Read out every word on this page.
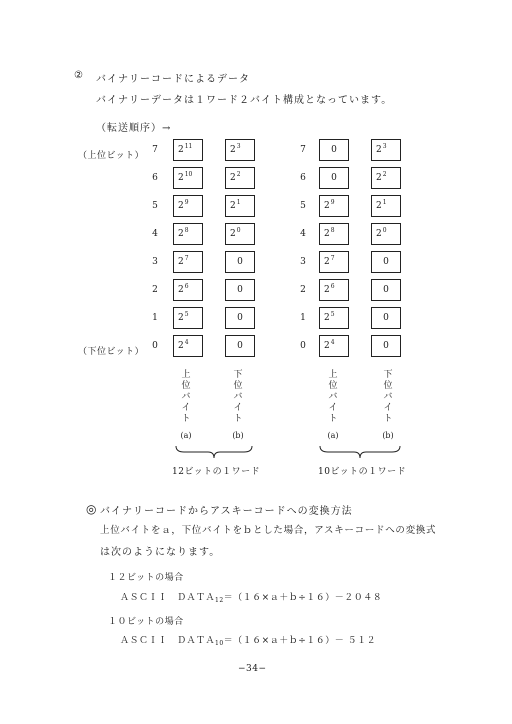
② バイナリーコードによるデータ
バイナリーデータは１ワード２バイト構成となっています。
（転送順序）→
（上位ビット）
（下位ビット）
7 $2^{11}$	$2^3$
6 $2^{10}$	$2^2$
5 $2^9$	$2^1$
4 $2^8$	$2^0$
3 $2^7$	0
2 $2^6$	0
1 $2^5$	0
0 $2^4$	0
7	0	$2^3$
6	0	$2^2$
5 $2^9$	$2^1$
4 $2^8$	$2^0$
3 $2^7$	0
2 $2^6$	0
1 $2^5$	0
0 $2^4$	0
上
位
バ
イ
ト
(a)
下
位
バ
イ
ト
(b)
上
位
バ
イ
ト
(a)
下
位
バ
イ
ト
(b)
12ビットの１ワード	10ビットの１ワード
◎ バイナリーコードからアスキーコードへの変換方法
上位バイトをａ，下位バイトをｂとした場合，アスキーコードへの変換式
は次のようになります。
１２ビットの場合
ＡＳＣＩＩ　ＤＡＴＡ$_{12}$＝（１６×ａ＋ｂ÷１６）－２０４８
１０ビットの場合
ＡＳＣＩＩ　ＤＡＴＡ$_{10}$＝（１６×ａ＋ｂ÷１６）－ ５１２
−34−
